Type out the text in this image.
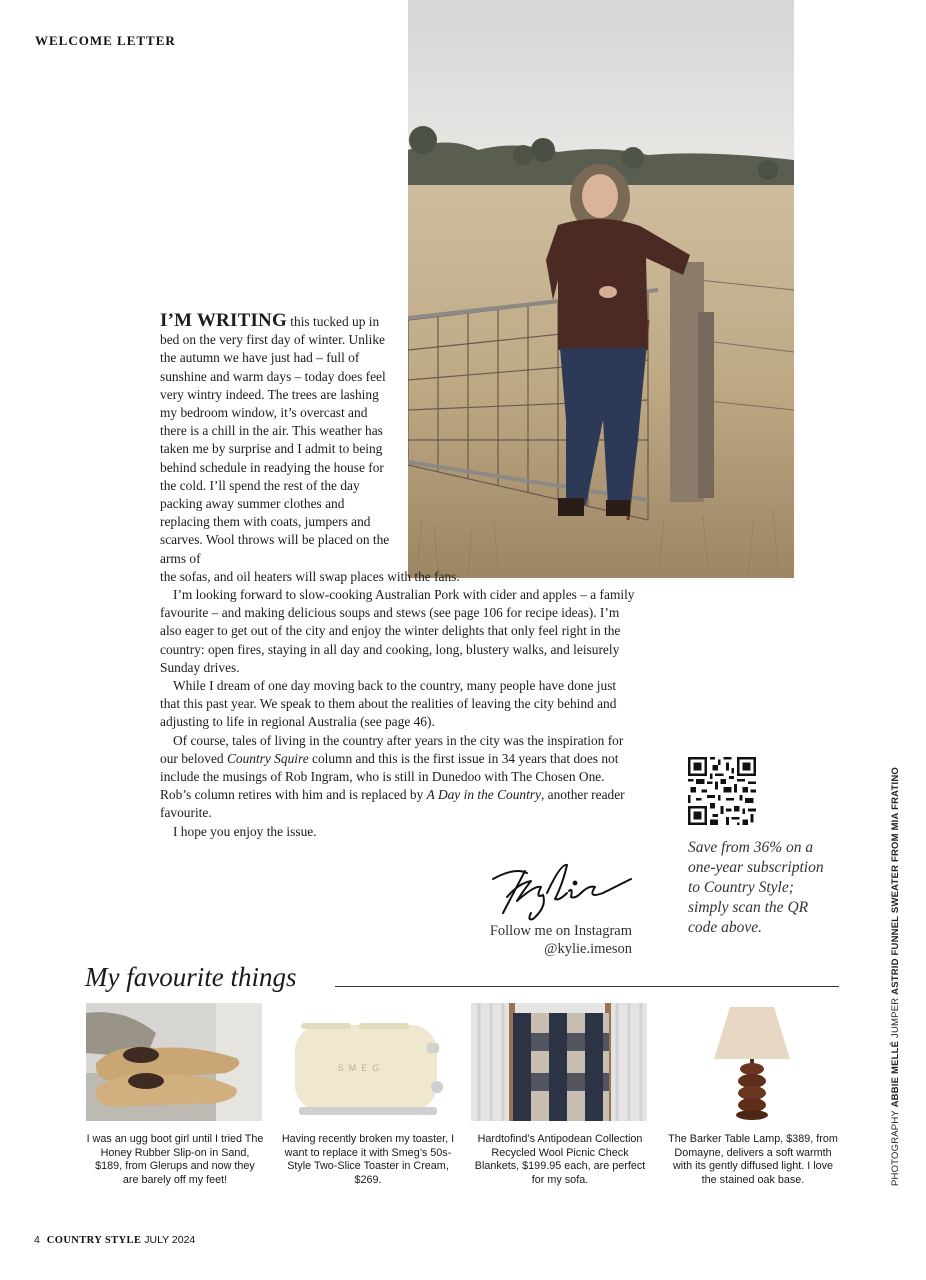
WELCOME LETTER

I’M WRITING this tucked up in bed on the very first day of winter. Unlike the autumn we have just had – full of sunshine and warm days – today does feel very wintry indeed. The trees are lashing my bedroom window, it’s overcast and there is a chill in the air. This weather has taken me by surprise and I admit to being behind schedule in readying the house for the cold. I’ll spend the rest of the day packing away summer clothes and replacing them with coats, jumpers and scarves. Wool throws will be placed on the arms of
the sofas, and oil heaters will swap places with the fans.

I’m looking forward to slow-cooking Australian Pork with cider and apples – a family favourite – and making delicious soups and stews (see page 106 for recipe ideas). I’m also eager to get out of the city and enjoy the winter delights that only feel right in the country: open fires, staying in all day and cooking, long, blustery walks, and leisurely Sunday drives.

While I dream of one day moving back to the country, many people have done just that this past year. We speak to them about the realities of leaving the city behind and adjusting to life in regional Australia (see page 46).

Of course, tales of living in the country after years in the city was the inspiration for our beloved Country Squire column and this is the first issue in 34 years that does not include the musings of Rob Ingram, who is still in Dunedoo with The Chosen One. Rob’s column retires with him and is replaced by A Day in the Country, another reader favourite.

I hope you enjoy the issue.

Follow me on Instagram
@kylie.imeson
Save from 36% on a one-year subscription to Country Style; simply scan the QR code above.
PHOTOGRAPHY ABBIE MELLÉ JUMPER ASTRID FUNNEL SWEATER FROM MIA FRATINO
My favourite things
I was an ugg boot girl until I tried The Honey Rubber Slip-on in Sand, $189, from Glerups and now they are barely off my feet!
SMEG
Having recently broken my toaster, I want to replace it with Smeg’s 50s-Style Two-Slice Toaster in Cream, $269.
Hardtofind’s Antipodean Collection Recycled Wool Picnic Check Blankets, $199.95 each, are perfect for my sofa.
The Barker Table Lamp, $389, from Domayne, delivers a soft warmth with its gently diffused light. I love the stained oak base.
4 COUNTRY STYLE JULY 2024
